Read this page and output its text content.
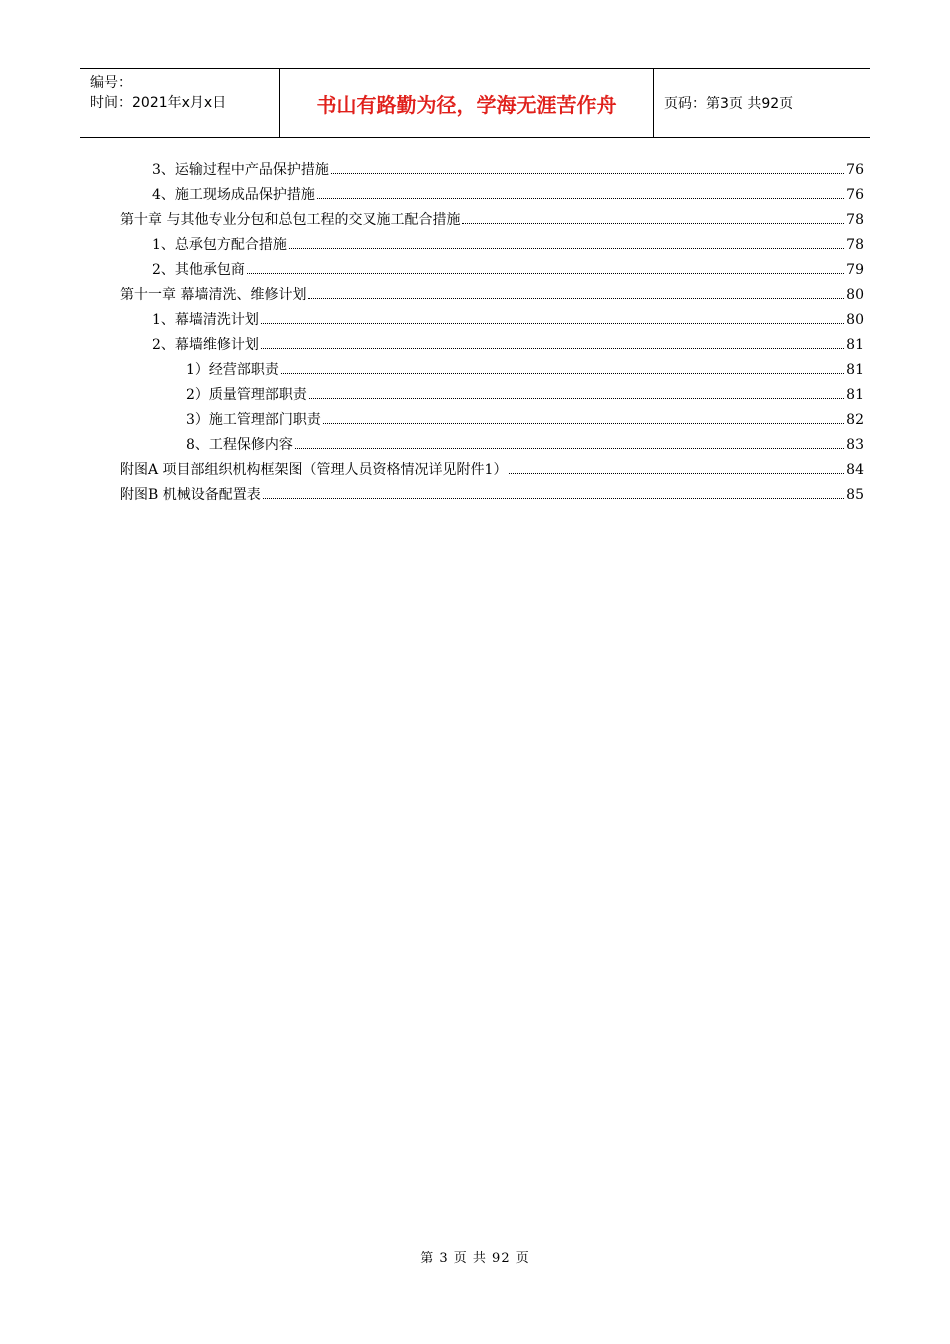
编号：
时间：2021年x月x日	书山有路勤为径，学海无涯苦作舟	页码：第3页 共92页
3、运输过程中产品保护措施	76
4、施工现场成品保护措施	76
第十章 与其他专业分包和总包工程的交叉施工配合措施	78
1、总承包方配合措施	78
2、其他承包商	79
第十一章 幕墙清洗、维修计划	80
1、幕墙清洗计划	80
2、幕墙维修计划	81
1）经营部职责	81
2）质量管理部职责	81
3）施工管理部门职责	82
8、工程保修内容	83
附图A 项目部组织机构框架图（管理人员资格情况详见附件1）	84
附图B 机械设备配置表	85
第 3 页 共 92 页
